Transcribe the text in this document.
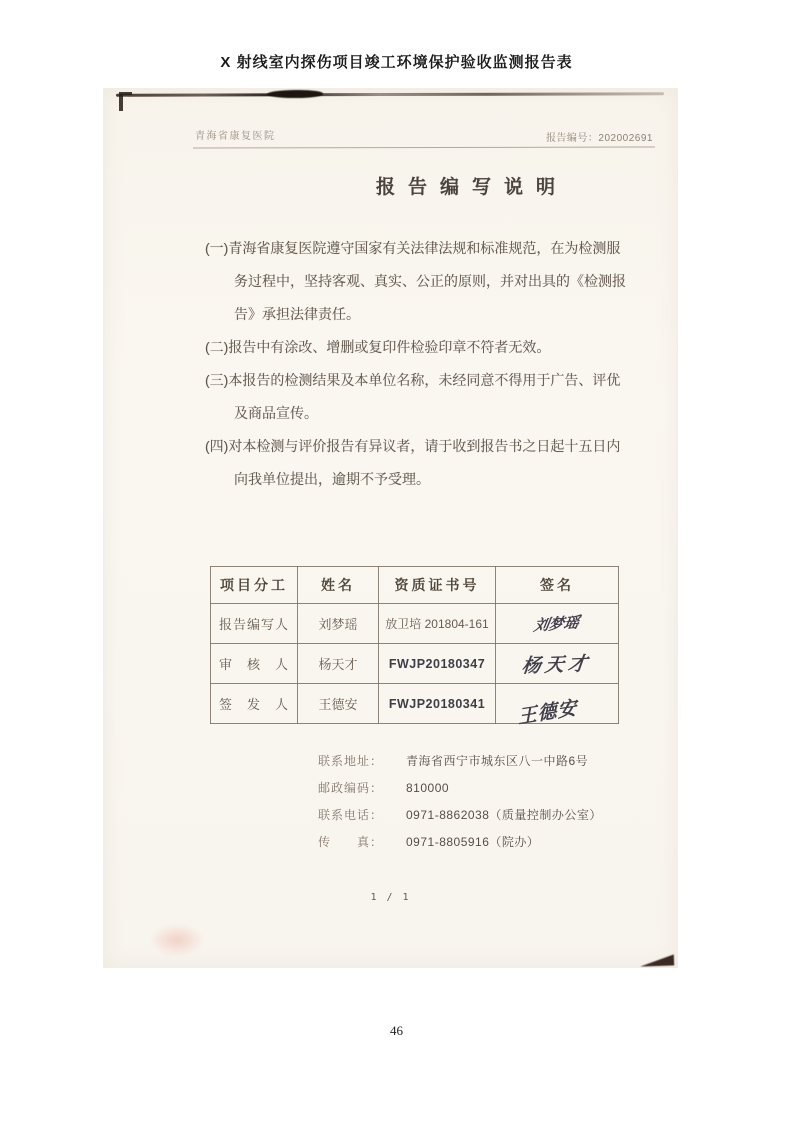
X 射线室内探伤项目竣工环境保护验收监测报告表
青海省康复医院	报告编号：202002691
报告编写说明
(一)青海省康复医院遵守国家有关法律法规和标准规范，在为检测服
务过程中，坚持客观、真实、公正的原则，并对出具的《检测报
告》承担法律责任。
(二)报告中有涂改、增删或复印件检验印章不符者无效。
(三)本报告的检测结果及本单位名称，未经同意不得用于广告、评优
及商品宣传。
(四)对本检测与评价报告有异议者，请于收到报告书之日起十五日内
向我单位提出，逾期不予受理。
项目分工	姓名	资质证书号	签名
报告编写人	刘梦瑶	放卫培 201804-161	刘梦瑶
审　核　人	杨天才	FWJP20180347	杨天才
签　发　人	王德安	FWJP20180341	王德安
联系地址： 青海省西宁市城东区八一中路6号
邮政编码： 810000
联系电话： 0971-8862038（质量控制办公室）
传　　真： 0971-8805916（院办）
1 / 1
46
